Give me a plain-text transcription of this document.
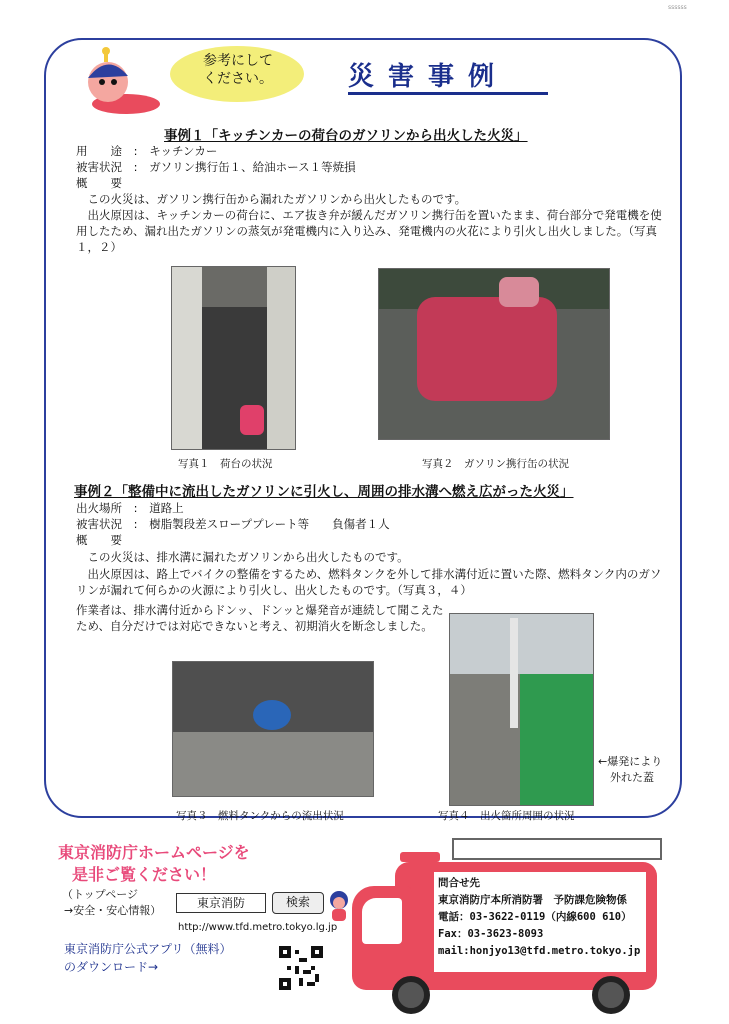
ssssss
参考にして
ください。	災害事例
事例１「キッチンカーの荷台のガソリンから出火した火災」
用　　途 : キッチンカー
被害状況 : ガソリン携行缶１、給油ホース１等焼損
概　　要
この火災は、ガソリン携行缶から漏れたガソリンから出火したものです。
出火原因は、キッチンカーの荷台に、エア抜き弁が緩んだガソリン携行缶を置いたまま、荷台部分で発電機を使用したため、漏れ出たガソリンの蒸気が発電機内に入り込み、発電機内の火花により引火し出火しました。（写真１，２）
写真１　荷台の状況	写真２　ガソリン携行缶の状況
事例２「整備中に流出したガソリンに引火し、周囲の排水溝へ燃え広がった火災」
出火場所 : 道路上
被害状況 : 樹脂製段差スローププレート等　　負傷者１人
概　　要
この火災は、排水溝に漏れたガソリンから出火したものです。
出火原因は、路上でバイクの整備をするため、燃料タンクを外して排水溝付近に置いた際、燃料タンク内のガソリンが漏れて何らかの火源により引火し、出火したものです。（写真３，４）
作業者は、排水溝付近からドンッ、ドンッと爆発音が連続して聞こえたため、自分だけでは対応できないと考え、初期消火を断念しました。
写真３　燃料タンクからの流出状況	写真４　出火箇所周囲の状況
←爆発により
外れた蓋
東京消防庁ホームページを
是非ご覧ください！
（トップページ
→安全・安心情報）
東京消防	検索
http://www.tfd.metro.tokyo.lg.jp
東京消防庁公式アプリ（無料）
のダウンロード→
問合せ先
東京消防庁本所消防署　予防課危険物係
電話：03-3622-0119（内線600 610）
Fax：03-3623-8093
mail:honjyo13@tfd.metro.tokyo.jp
